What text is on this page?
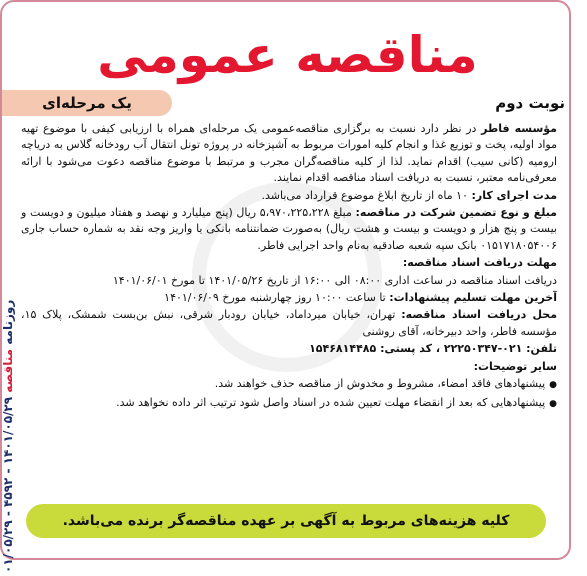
مناقصه عمومی
نوبت دوم
یک مرحله‌ای

مؤسسه فاطر در نظر دارد نسبت به برگزاری مناقصه‌عمومی یک مرحله‌ای همراه با ارزیابی کیفی با موضوع تهیه مواد اولیه، پخت و توزیع غذا و انجام کلیه امورات مربوط به آشپزخانه در پروژه تونل انتقال آب رودخانه گلاس به دریاچه ارومیه (کانی سیب) اقدام نماید. لذا از کلیه مناقصه‌گران مجرب و مرتبط با موضوع مناقصه دعوت می‌شود با ارائه معرفی‌نامه معتبر، نسبت به دریافت اسناد مناقصه اقدام نمایند.

مدت اجرای کار: ۱۰ ماه از تاریخ ابلاغ موضوع قرارداد می‌باشد.

مبلغ و نوع تضمین شرکت در مناقصه: مبلغ ۵،۹۷۰،۲۲۵،۲۲۸ ریال (پنج میلیارد و نهصد و هفتاد میلیون و دویست و بیست و پنج هزار و دویست و بیست و هشت ریال) به‌صورت ضمانتنامه بانکی یا واریز وجه نقد به شماره حساب جاری ۰۱۵۱۷۱۸۰۵۴۰۰۶ بانک سپه شعبه صادقیه به‌نام واحد اجرایی فاطر.

مهلت دریافت اسناد مناقصه:

دریافت اسناد مناقصه در ساعت اداری ۰۸:۰۰ الی ۱۶:۰۰ از تاریخ ۱۴۰۱/۰۵/۲۶ تا مورخ ۱۴۰۱/۰۶/۰۱

آخرین مهلت تسلیم پیشنهادات: تا ساعت ۱۰:۰۰ روز چهارشنبه مورخ ۱۴۰۱/۰۶/۰۹

محل دریافت اسناد مناقصه: تهران، خیابان میرداماد، خیابان رودبار شرقی، نبش بن‌بست شمشک، پلاک ۱۵، مؤسسه فاطر، واحد دبیرخانه، آقای روشنی

تلفن: ۰۲۱-۲۲۲۵۰۳۴۷ ، کد پستی: ۱۵۴۶۸۱۴۴۸۵

سایر توضیحات:

● پیشنهادهای فاقد امضاء، مشروط و مخدوش از مناقصه حذف خواهند شد.

● پیشنهادهایی که بعد از انقضاء مهلت تعیین شده در اسناد واصل شود ترتیب اثر داده نخواهد شد.

روزنامه مناقصه ۱۴۰۱/۰۵/۲۹ - ۴۵۹۲ - ۰۱/۰۵/۲۹
کلیه هزینه‌های مربوط به آگهی بر عهده مناقصه‌گر برنده می‌باشد.
